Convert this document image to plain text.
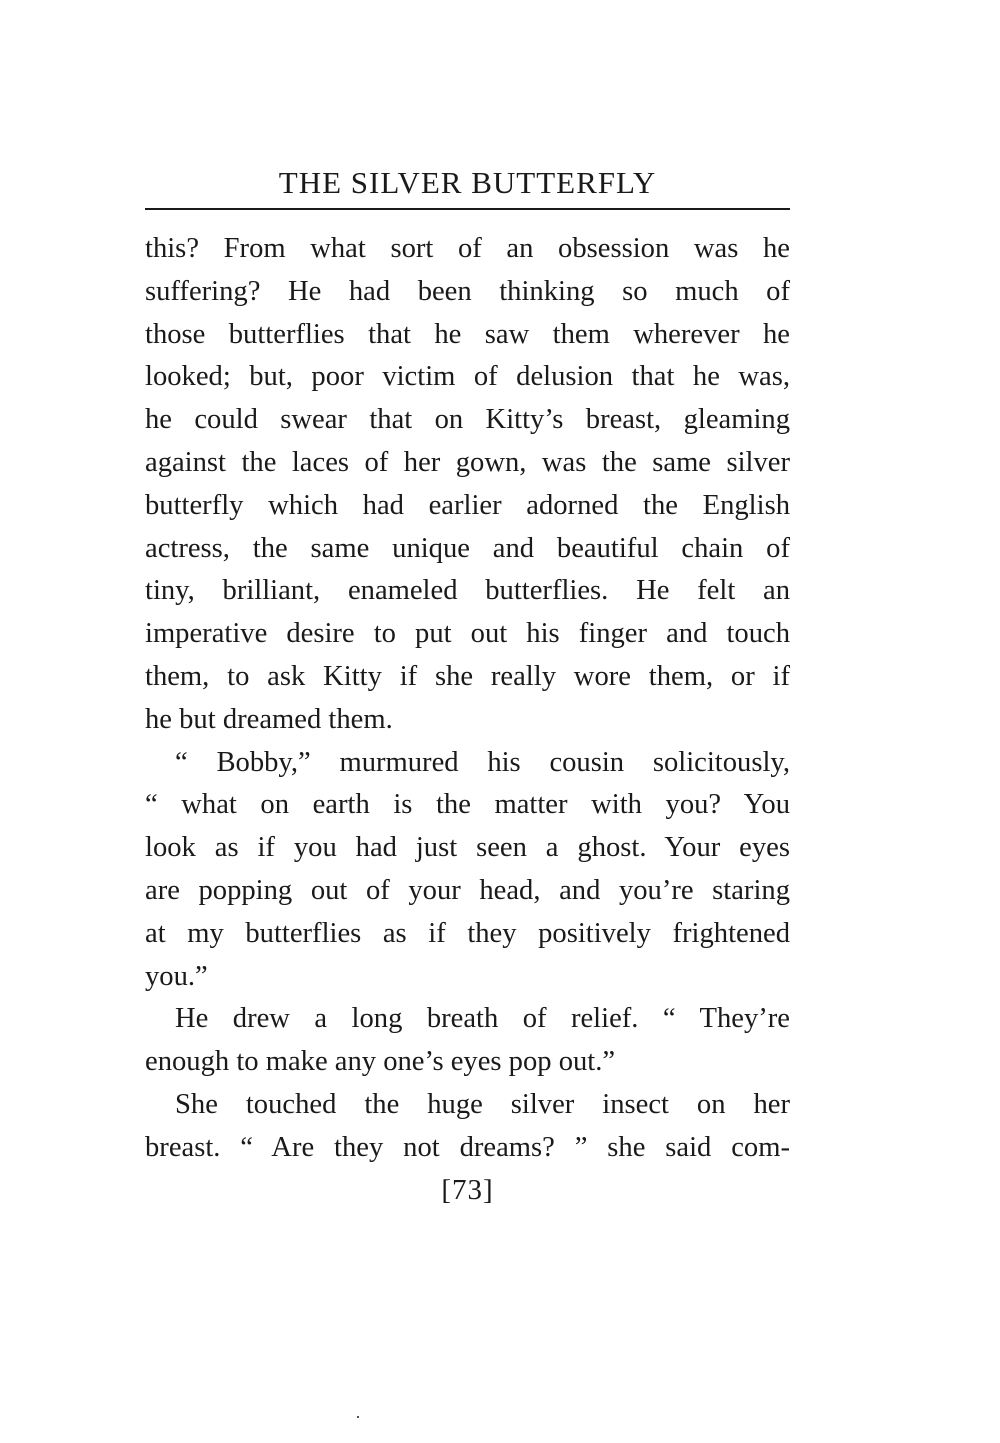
THE SILVER BUTTERFLY
this? From what sort of an obsession was he
suffering? He had been thinking so much of
those butterflies that he saw them wherever he
looked; but, poor victim of delusion that he was,
he could swear that on Kitty’s breast, gleaming
against the laces of her gown, was the same silver
butterfly which had earlier adorned the English
actress, the same unique and beautiful chain of
tiny, brilliant, enameled butterflies. He felt an
imperative desire to put out his finger and touch
them, to ask Kitty if she really wore them, or if
he but dreamed them.
“ Bobby,” murmured his cousin solicitously,
“ what on earth is the matter with you? You
look as if you had just seen a ghost. Your eyes
are popping out of your head, and you’re staring
at my butterflies as if they positively frightened
you.”
He drew a long breath of relief. “ They’re
enough to make any one’s eyes pop out.”
She touched the huge silver insect on her
breast. “ Are they not dreams? ” she said com-
[73]
